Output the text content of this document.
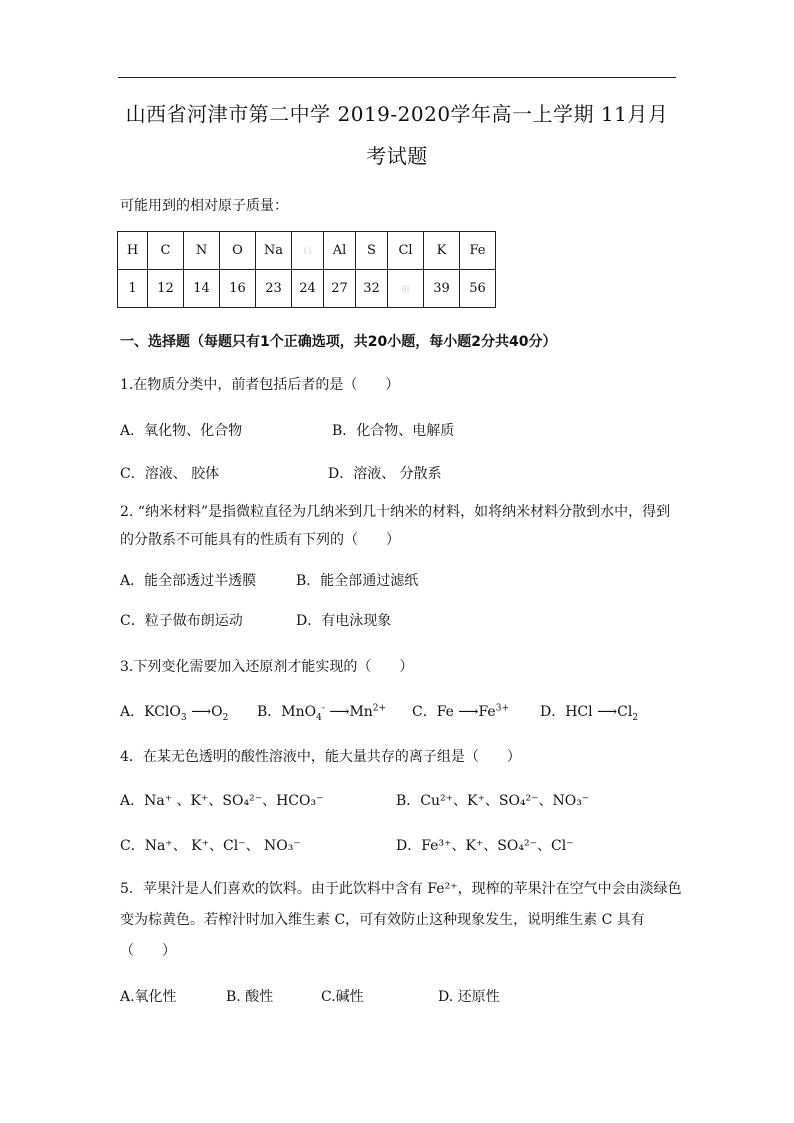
山西省河津市第二中学 2019-2020学年高一上学期 11月月
考试题
可能用到的相对原子质量：
H	C	N	O	Na	⁞ ⁞	Al	S	Cl	K	Fe
1	12	14	16	23	24	27	32	⁞⁞⁞	39	56
一、选择题（每题只有1个正确选项，共20小题，每小题2分共40分）
1.在物质分类中，前者包括后者的是（　　）
A．氧化物、化合物	B．化合物、电解质
C．溶液、 胶体	D．溶液、 分散系
2. “纳米材料”是指微粒直径为几纳米到几十纳米的材料，如将纳米材料分散到水中，得到
的分散系不可能具有的性质有下列的（　　）
A．能全部透过半透膜	B．能全部通过滤纸
C．粒子做布朗运动	D．有电泳现象
3.下列变化需要加入还原剂才能实现的（　　）
A．KClO$_3$ $⟶O_2$ B．MnO$_4$- $⟶Mn^{2+}$ C．Fe $⟶Fe^{3+}$ D．HCl $⟶Cl_2$
4．在某无色透明的酸性溶液中，能大量共存的离子组是（　　）
A．Na⁺ 、K⁺、SO₄²⁻、HCO₃⁻	B．Cu²⁺、K⁺、SO₄²⁻、NO₃⁻
C．Na⁺、 K⁺、Cl⁻、 NO₃⁻	D．Fe³⁺、K⁺、SO₄²⁻、Cl⁻
5．苹果汁是人们喜欢的饮料。由于此饮料中含有 Fe²⁺，现榨的苹果汁在空气中会由淡绿色
变为棕黄色。若榨汁时加入维生素 C，可有效防止这种现象发生，说明维生素 C 具有
（　　）
A.氧化性	B. 酸性	C.碱性	D. 还原性
